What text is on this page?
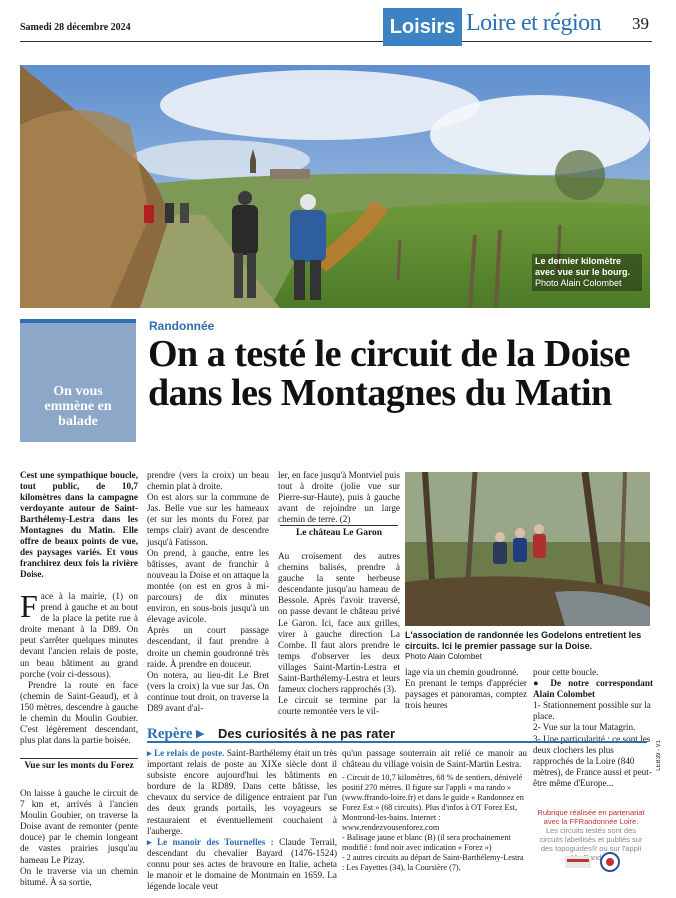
Samedi 28 décembre 2024	Loisirs Loire et région 39
Le dernier kilomètre avec vue sur le bourg.
Photo Alain Colombet
On vous emmène en balade
Randonnée
On a testé le circuit de la Doise dans les Montagnes du Matin

Cest une sympathique boucle, tout public, de 10,7 kilomètres dans la campagne verdoyante autour de Saint-Barthélemy-Lestra dans les Montagnes du Matin. Elle offre de beaux points de vue, des paysages variés. Et vous franchirez deux fois la rivière Doise.

F ace à la mairie, (1) on prend à gauche et au bout de la place la petite rue à droite menant à la D89. On peut s'arrêter quelques minutes devant l'ancien relais de poste, un beau bâtiment au grand porche (voir ci-dessous).

Prendre la route en face (chemin de Saint-Geaud), et à 150 mètres, descendre à gauche le chemin du Moulin Goubier. C'est légèrement descendant, plus plat dans la partie boisée.

Vue sur les monts du Forez

On laisse à gauche le circuit de 7 km et, arrivés à l'ancien Moulin Goubier, on traverse la Doise avant de remonter (pente douce) par le chemin longeant de vastes prairies jusqu'au hameau Le Pizay.
On le traverse via un chemin bitumé. À sa sortie,

prendre (vers la croix) un beau chemin plat à droite.
On est alors sur la commune de Jas. Belle vue sur les hameaux (et sur les monts du Forez par temps clair) avant de descendre jusqu'à Fatisson.
On prend, à gauche, entre les bâtisses, avant de franchir à nouveau la Doise et on attaque la montée (on est en gros à mi-parcours) de dix minutes environ, en sous-bois jusqu'à un élevage avicole.
Après un court passage descendant, il faut prendre à droite un chemin goudronné très raide. À prendre en douceur.
On notera, au lieu-dit Le Bret (vers la croix) la vue sur Jas. On continue tout droit, on traverse la D89 avant d'al-

ler, en face jusqu'à Montviel puis tout à droite (jolie vue sur Pierre-sur-Haute), puis à gauche avant de rejoindre un large chemin de terre. (2)

Le château Le Garon

Au croisement des autres chemins balisés, prendre à gauche la sente herbeuse descendante jusqu'au hameau de Bessole. Après l'avoir traversé, on passe devant le château privé Le Garon. Ici, face aux grilles, virer à gauche direction La Combe. Il faut alors prendre le temps d'observer les deux villages Saint-Martin-Lestra et Saint-Barthélemy-Lestra et leurs fameux clochers rapprochés (3).
Le circuit se termine par la courte remontée vers le vil-

L'association de randonnée les Godelons entretient les circuits. Ici le premier passage sur la Doise.
Photo Alain Colombet

lage via un chemin goudronné.
En prenant le temps d'apprécier paysages et panoramas, comptez trois heures

pour cette boucle.

● De notre correspondant Alain Colombet

1- Stationnement possible sur la place.
2- Vue sur la tour Matagrin.
3- Une particularité : ce sont les deux clochers les plus rapprochés de la Loire (840 mètres), de France aussi et peut-être même d'Europe...

LEB39 - V1
Repère ▸ Des curiosités à ne pas rater

▸ Le relais de poste. Saint-Barthélemy était un très important relais de poste au XIXe siècle dont il subsiste encore aujourd'hui les bâtiments en bordure de la RD89. Dans cette bâtisse, les chevaux du service de diligence entraient par l'un des deux grands portails, les voyageurs se restauraient et éventuellement couchaient à l'auberge.

▸ Le manoir des Tournelles : Claude Terrail, descendant du chevalier Bayard (1476-1524) connu pour ses actes de bravoure en Italie, acheta le manoir et le domaine de Montmain en 1659. La légende locale veut

qu'un passage souterrain ait relié ce manoir au château du village voisin de Saint-Martin Lestra.

- Circuit de 10,7 kilomètres, 68 % de sentiers, dénivelé positif 270 mètres. Il figure sur l'appli « ma rando » (www.ffrando-loire.fr) et dans le guide « Randonnez en Forez Est » (68 circuits). Plus d'infos à OT Forez Est, Montrond-les-bains. Internet : www.rendezvousenforez.com
- Balisage jaune et blanc (B) (il sera prochainement modifié : fond noir avec indication « Forez »)
- 2 autres circuits au départ de Saint-Barthélemy-Lestra : Les Fayettes (34), la Coursière (7).

Rubrique réalisée en partenariat avec la FFRandonnée Loire.

Les circuits testés sont des circuits labellisés et publiés sur des topoguides® ou sur l'appli Rando®
